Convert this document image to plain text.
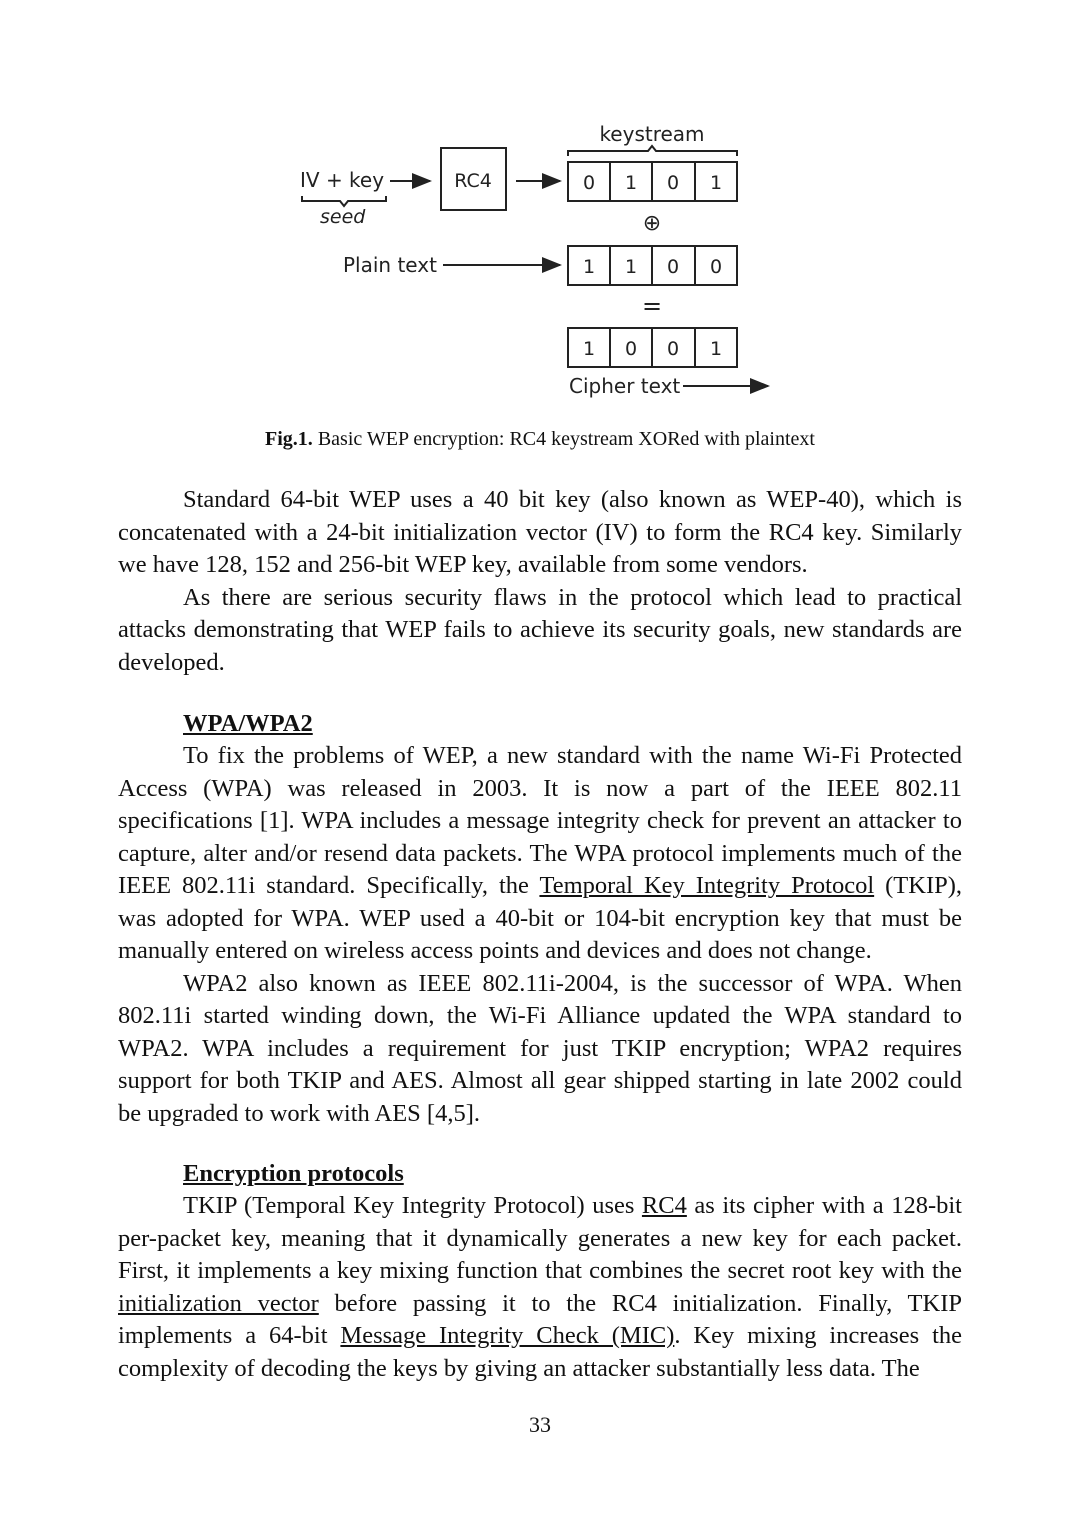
keystream
IV + key
seed
RC4	0 1 0 1
⊕
Plain text	1 1 0 0
=
1 0 0 1
Cipher text
Fig.1. Basic WEP encryption: RC4 keystream XORed with plaintext

Standard 64-bit WEP uses a 40 bit key (also known as WEP-40), which is concatenated with a 24-bit initialization vector (IV) to form the RC4 key. Similarly we have 128, 152 and 256-bit WEP key, available from some vendors.

As there are serious security flaws in the protocol which lead to practical attacks demonstrating that WEP fails to achieve its security goals, new standards are developed.

WPA/WPA2

To fix the problems of WEP, a new standard with the name Wi-Fi Protected Access (WPA) was released in 2003. It is now a part of the IEEE 802.11 specifications [1]. WPA includes a message integrity check for prevent an attacker to capture, alter and/or resend data packets. The WPA protocol implements much of the IEEE 802.11i standard. Specifically, the Temporal Key Integrity Protocol (TKIP), was adopted for WPA. WEP used a 40-bit or 104-bit encryption key that must be manually entered on wireless access points and devices and does not change.

WPA2 also known as IEEE 802.11i-2004, is the successor of WPA. When 802.11i started winding down, the Wi-Fi Alliance updated the WPA standard to WPA2. WPA includes a requirement for just TKIP encryption; WPA2 requires support for both TKIP and AES. Almost all gear shipped starting in late 2002 could be upgraded to work with AES [4,5].

Encryption protocols

TKIP (Temporal Key Integrity Protocol) uses RC4 as its cipher with a 128-bit per-packet key, meaning that it dynamically generates a new key for each packet. First, it implements a key mixing function that combines the secret root key with the initialization vector before passing it to the RC4 initialization. Finally, TKIP implements a 64-bit Message Integrity Check (MIC). Key mixing increases the complexity of decoding the keys by giving an attacker substantially less data. The

33
